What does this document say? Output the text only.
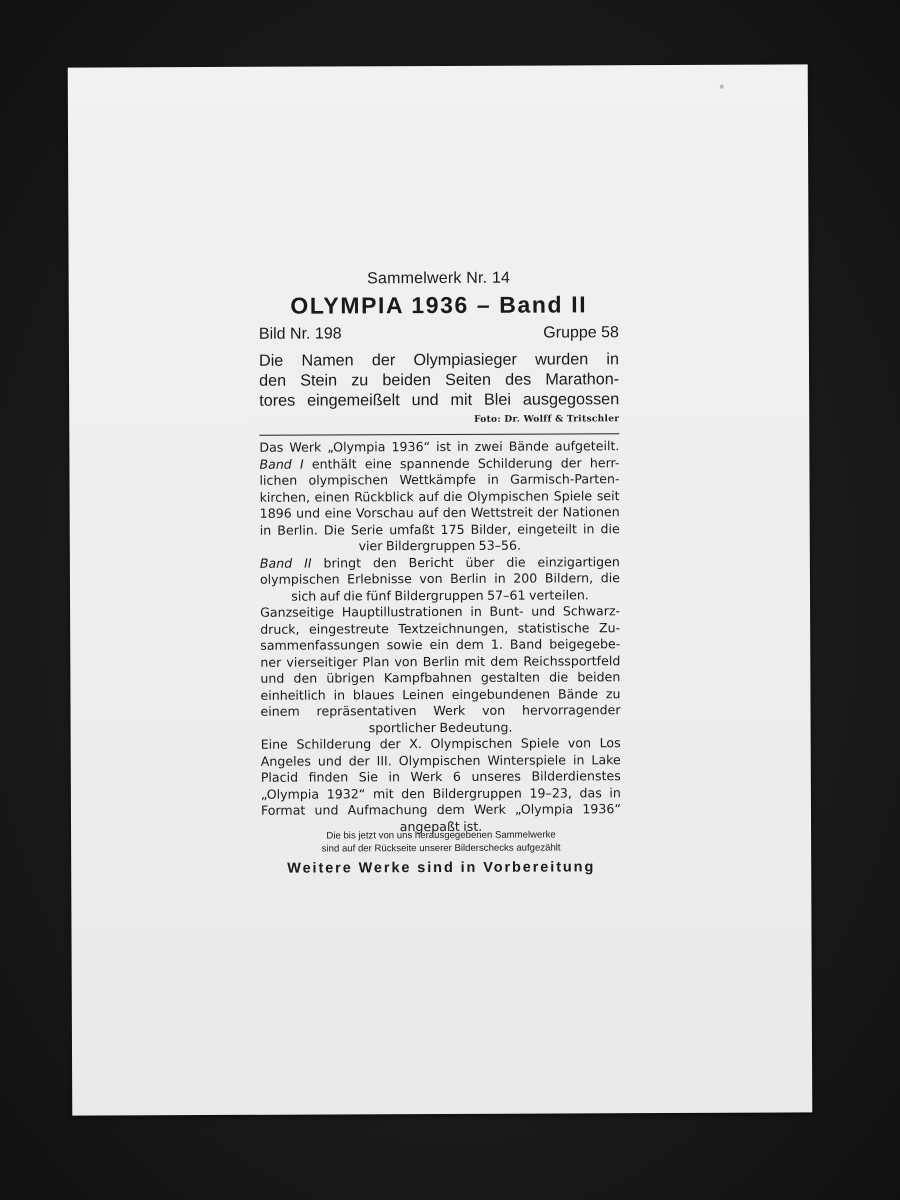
Sammelwerk Nr. 14
OLYMPIA 1936 – Band II
Bild Nr. 198	Gruppe 58
Die Namen der Olympiasieger wurden in
den Stein zu beiden Seiten des Marathon-
tores eingemeißelt und mit Blei ausgegossen
Foto: Dr. Wolff & Tritschler
Das Werk „Olympia 1936“ ist in zwei Bände aufgeteilt.
Band I enthält eine spannende Schilderung der herr-
lichen olympischen Wettkämpfe in Garmisch-Parten-
kirchen, einen Rückblick auf die Olympischen Spiele seit
1896 und eine Vorschau auf den Wettstreit der Nationen
in Berlin. Die Serie umfaßt 175 Bilder, eingeteilt in die
vier Bildergruppen 53–56.
Band II bringt den Bericht über die einzigartigen
olympischen Erlebnisse von Berlin in 200 Bildern, die
sich auf die fünf Bildergruppen 57–61 verteilen.
Ganzseitige Hauptillustrationen in Bunt- und Schwarz-
druck, eingestreute Textzeichnungen, statistische Zu-
sammenfassungen sowie ein dem 1. Band beigegebe-
ner vierseitiger Plan von Berlin mit dem Reichssportfeld
und den übrigen Kampfbahnen gestalten die beiden
einheitlich in blaues Leinen eingebundenen Bände zu
einem repräsentativen Werk von hervorragender
sportlicher Bedeutung.
Eine Schilderung der X. Olympischen Spiele von Los
Angeles und der III. Olympischen Winterspiele in Lake
Placid finden Sie in Werk 6 unseres Bilderdienstes
„Olympia 1932“ mit den Bildergruppen 19–23, das in
Format und Aufmachung dem Werk „Olympia 1936“
angepaßt ist.
Die bis jetzt von uns herausgegebenen Sammelwerke
sind auf der Rückseite unserer Bilderschecks aufgezählt
Weitere Werke sind in Vorbereitung
